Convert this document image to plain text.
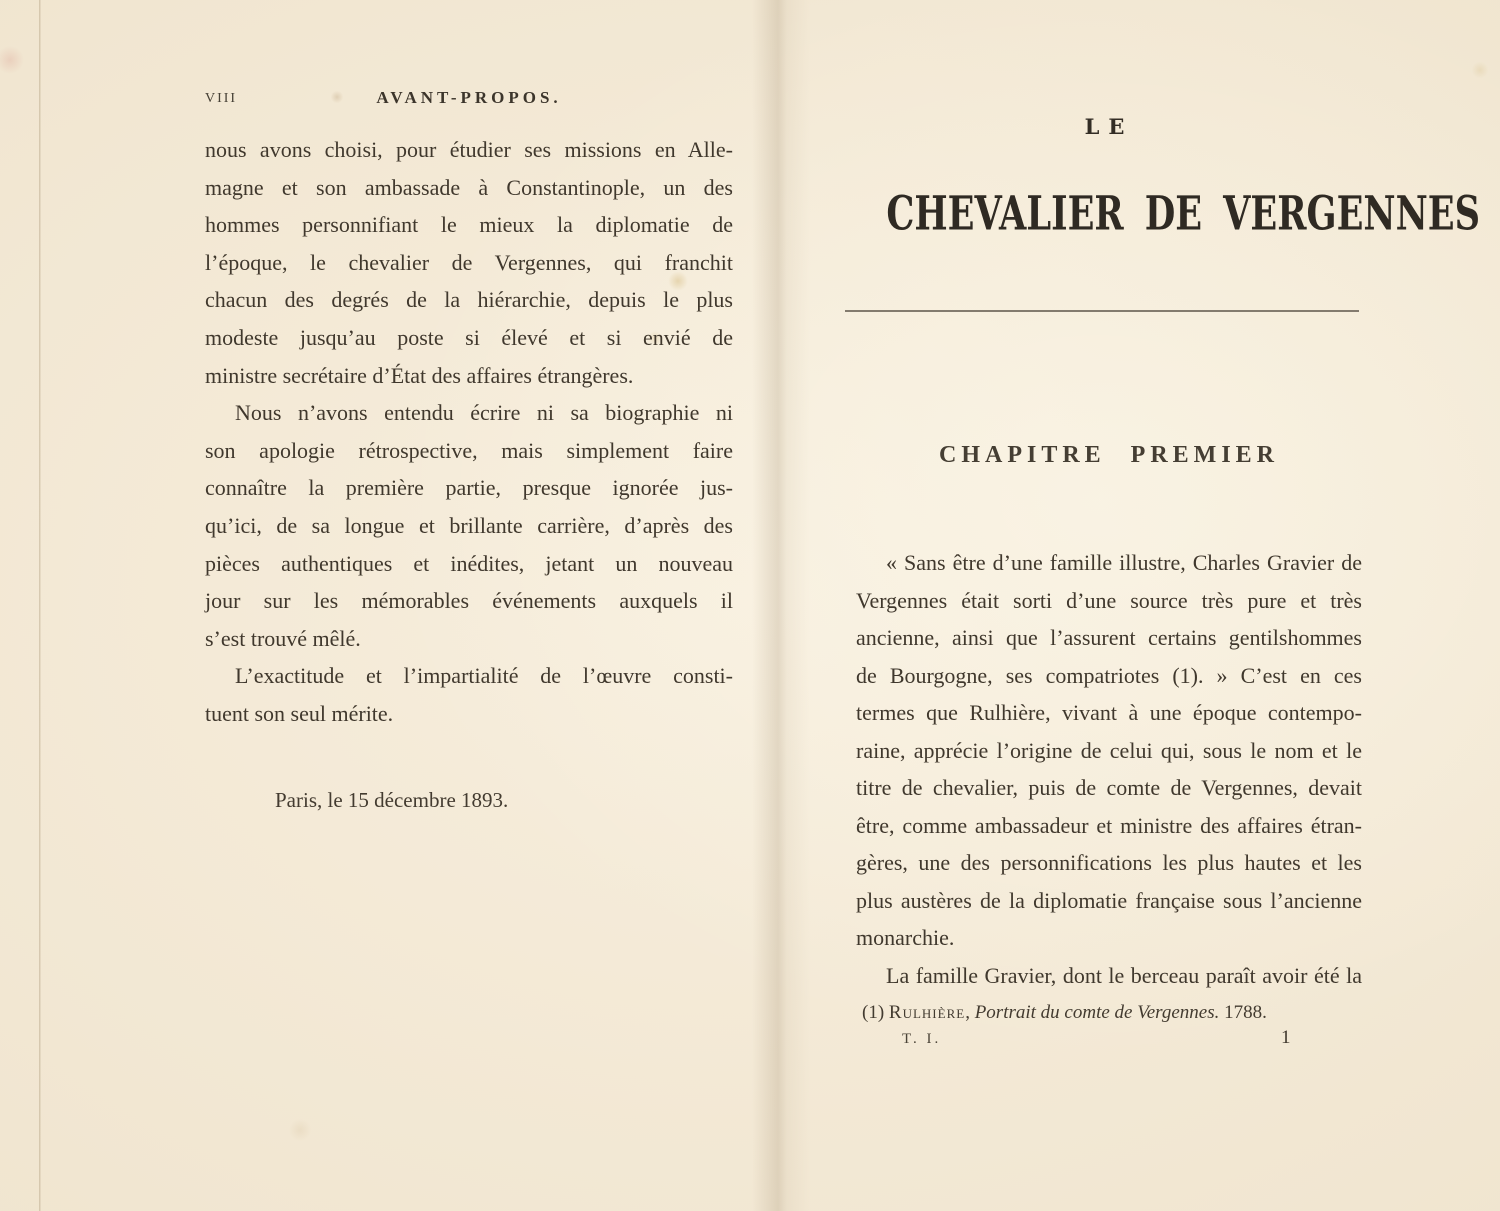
VIII	AVANT-PROPOS.
nous avons choisi, pour étudier ses missions en Alle-
magne et son ambassade à Constantinople, un des
hommes personnifiant le mieux la diplomatie de
l’époque, le chevalier de Vergennes, qui franchit
chacun des degrés de la hiérarchie, depuis le plus
modeste jusqu’au poste si élevé et si envié de
ministre secrétaire d’État des affaires étrangères.
Nous n’avons entendu écrire ni sa biographie ni
son apologie rétrospective, mais simplement faire
connaître la première partie, presque ignorée jus-
qu’ici, de sa longue et brillante carrière, d’après des
pièces authentiques et inédites, jetant un nouveau
jour sur les mémorables événements auxquels il
s’est trouvé mêlé.
L’exactitude et l’impartialité de l’œuvre consti-
tuent son seul mérite.
Paris, le 15 décembre 1893.
LE
CHEVALIER DE VERGENNES
CHAPITRE PREMIER
« Sans être d’une famille illustre, Charles Gravier de
Vergennes était sorti d’une source très pure et très
ancienne, ainsi que l’assurent certains gentilshommes
de Bourgogne, ses compatriotes (1). » C’est en ces
termes que Rulhière, vivant à une époque contempo-
raine, apprécie l’origine de celui qui, sous le nom et le
titre de chevalier, puis de comte de Vergennes, devait
être, comme ambassadeur et ministre des affaires étran-
gères, une des personnifications les plus hautes et les
plus austères de la diplomatie française sous l’ancienne
monarchie.
La famille Gravier, dont le berceau paraît avoir été la
(1) Rulhière, Portrait du comte de Vergennes. 1788.
T. I.	1
